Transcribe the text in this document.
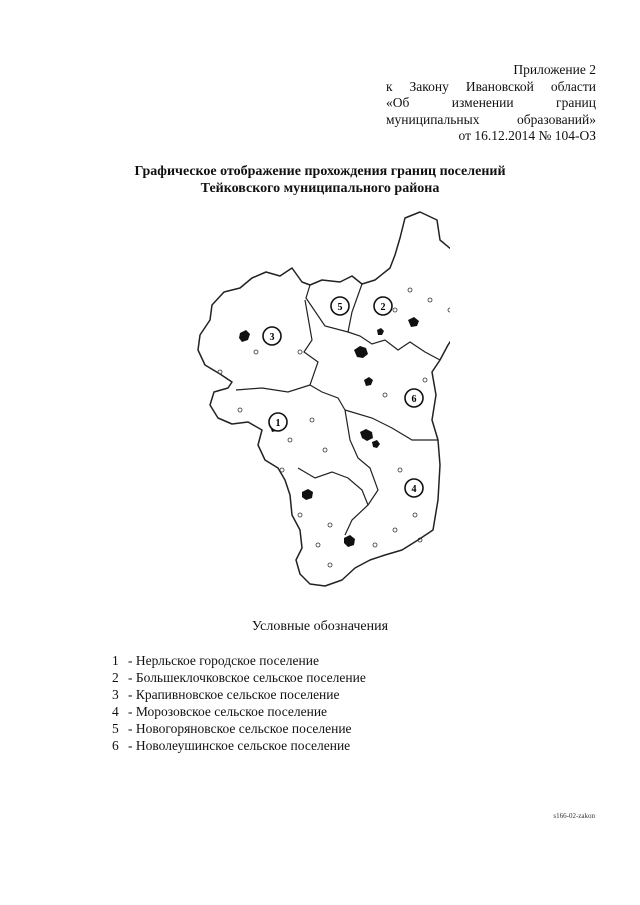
Приложение 2
к Закону Ивановской области
«Об изменении границ
муниципальных образований»
от 16.12.2014 № 104-ОЗ
Графическое отображение прохождения границ поселений
Тейковского муниципального района
1
2
3
4
5
6
Условные обозначения
1 - Нерльское городское поселение
2 - Большеклочковское сельское поселение
3 - Крапивновское сельское поселение
4 - Морозовское сельское поселение
5 - Новогоряновское сельское поселение
6 - Новолеушинское сельское поселение
s166-02-zakon
